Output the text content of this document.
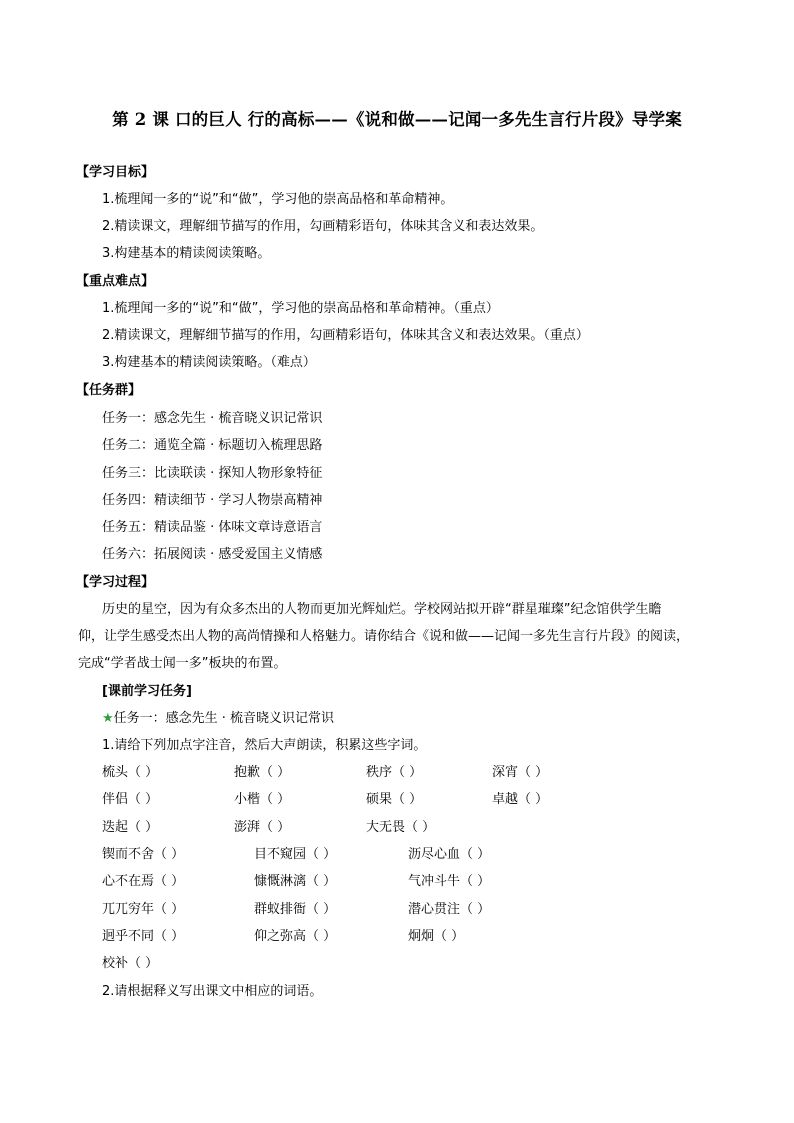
第 2 课 口的巨人 行的高标——《说和做——记闻一多先生言行片段》导学案
【学习目标】
1.梳理闻一多的“说”和“做”，学习他的崇高品格和革命精神。
2.精读课文，理解细节描写的作用，勾画精彩语句，体味其含义和表达效果。
3.构建基本的精读阅读策略。
【重点难点】
1.梳理闻一多的“说”和“做”，学习他的崇高品格和革命精神。（重点）
2.精读课文，理解细节描写的作用，勾画精彩语句，体味其含义和表达效果。（重点）
3.构建基本的精读阅读策略。（难点）
【任务群】
任务一：感念先生 · 梳音晓义识记常识
任务二：通览全篇 · 标题切入梳理思路
任务三：比读联读 · 探知人物形象特征
任务四：精读细节 · 学习人物崇高精神
任务五：精读品鉴 · 体味文章诗意语言
任务六：拓展阅读 · 感受爱国主义情感
【学习过程】
历史的星空，因为有众多杰出的人物而更加光辉灿烂。学校网站拟开辟“群星璀璨”纪念馆供学生瞻
仰，让学生感受杰出人物的高尚情操和人格魅力。请你结合《说和做——记闻一多先生言行片段》的阅读，
完成“学者战士闻一多”板块的布置。
[课前学习任务]
★任务一：感念先生 · 梳音晓义识记常识
1.请给下列加点字注音，然后大声朗读，积累这些字词。
梳头（ ）	抱歉（ ）	秩序（ ）	深宵（ ）
伴侣（ ）	小楷（ ）	硕果（ ）	卓越（ ）
迭起（ ）	澎湃（ ）	大无畏（ ）
锲而不舍（ ）	目不窥园（ ）	沥尽心血（ ）
心不在焉（ ）	慷慨淋漓（ ）	气冲斗牛（ ）
兀兀穷年（ ）	群蚁排衙（ ）	潜心贯注（ ）
迥乎不同（ ）	仰之弥高（ ）	炯炯（ ）
校补（ ）
2.请根据释义写出课文中相应的词语。
